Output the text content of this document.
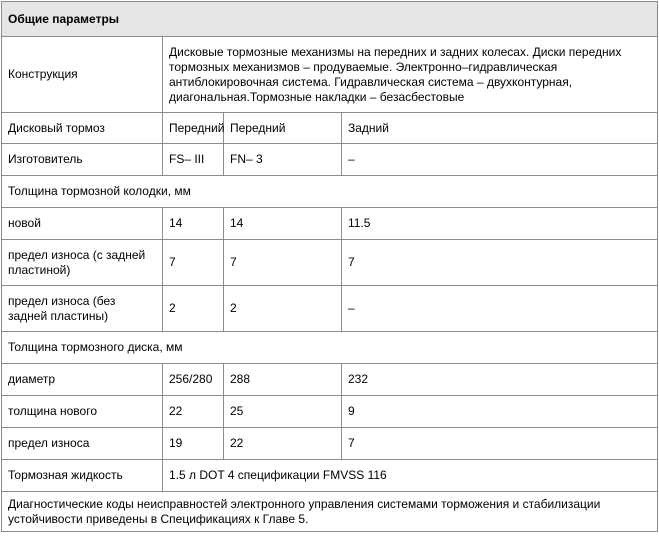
Общие параметры			
Конструкция	Дисковые тормозные механизмы на передних и задних колесах. Диски передних тормозных механизмов – продуваемые. Электронно–гидравлическая антиблокировочная система. Гидравлическая система – двухконтурная, диагональная.Тормозные накладки – безасбестовые		
Дисковый тормоз	Передний	Передний	Задний
Изготовитель	FS– III	FN– 3	–
Толщина тормозной колодки, мм			
новой	14	14	11.5
предел износа (с задней пластиной)	7	7	7
предел износа (без задней пластины)	2	2	–
Толщина тормозного диска, мм			
диаметр	256/280	288	232
толщина нового	22	25	9
предел износа	19	22	7
Тормозная жидкость	1.5 л DOT 4 спецификации FMVSS 116		
Диагностические коды неисправностей электронного управления системами торможения и стабилизации устойчивости приведены в Спецификациях к Главе 5.			
